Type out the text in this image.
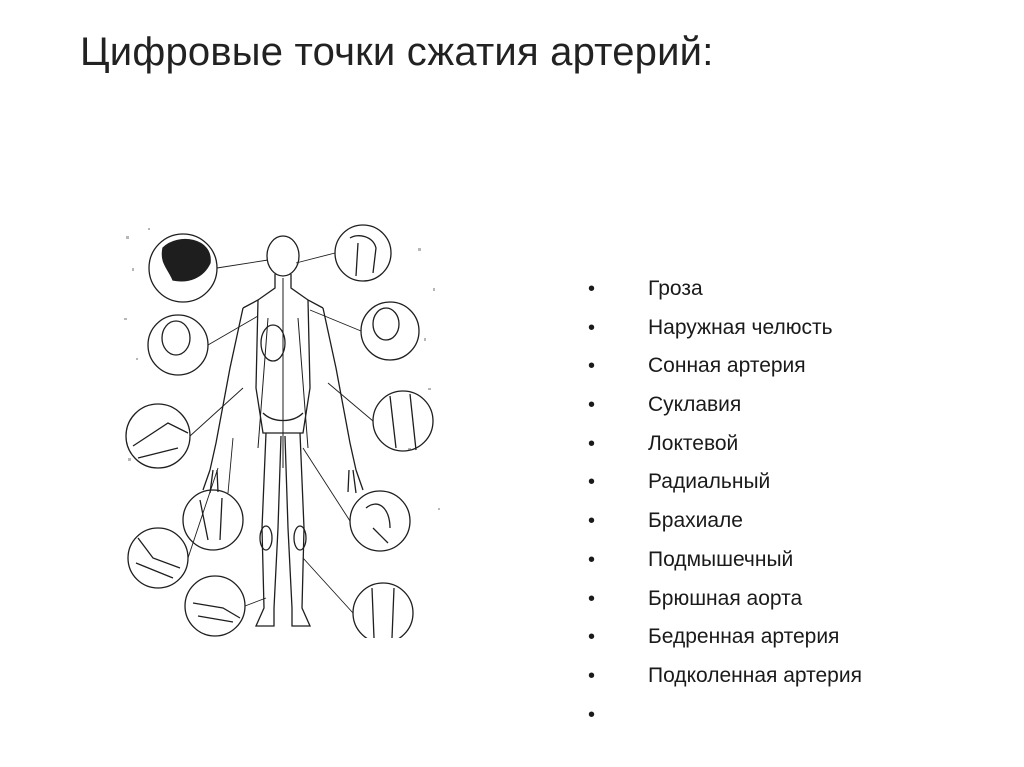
Цифровые точки сжатия артерий:
•	Гроза
•	Наружная челюсть
•	Сонная артерия
•	Суклавия
•	Локтевой
•	Радиальный
•	Брахиале
•	Подмышечный
•	Брюшная аорта
•	Бедренная артерия
•	Подколенная артерия
•
